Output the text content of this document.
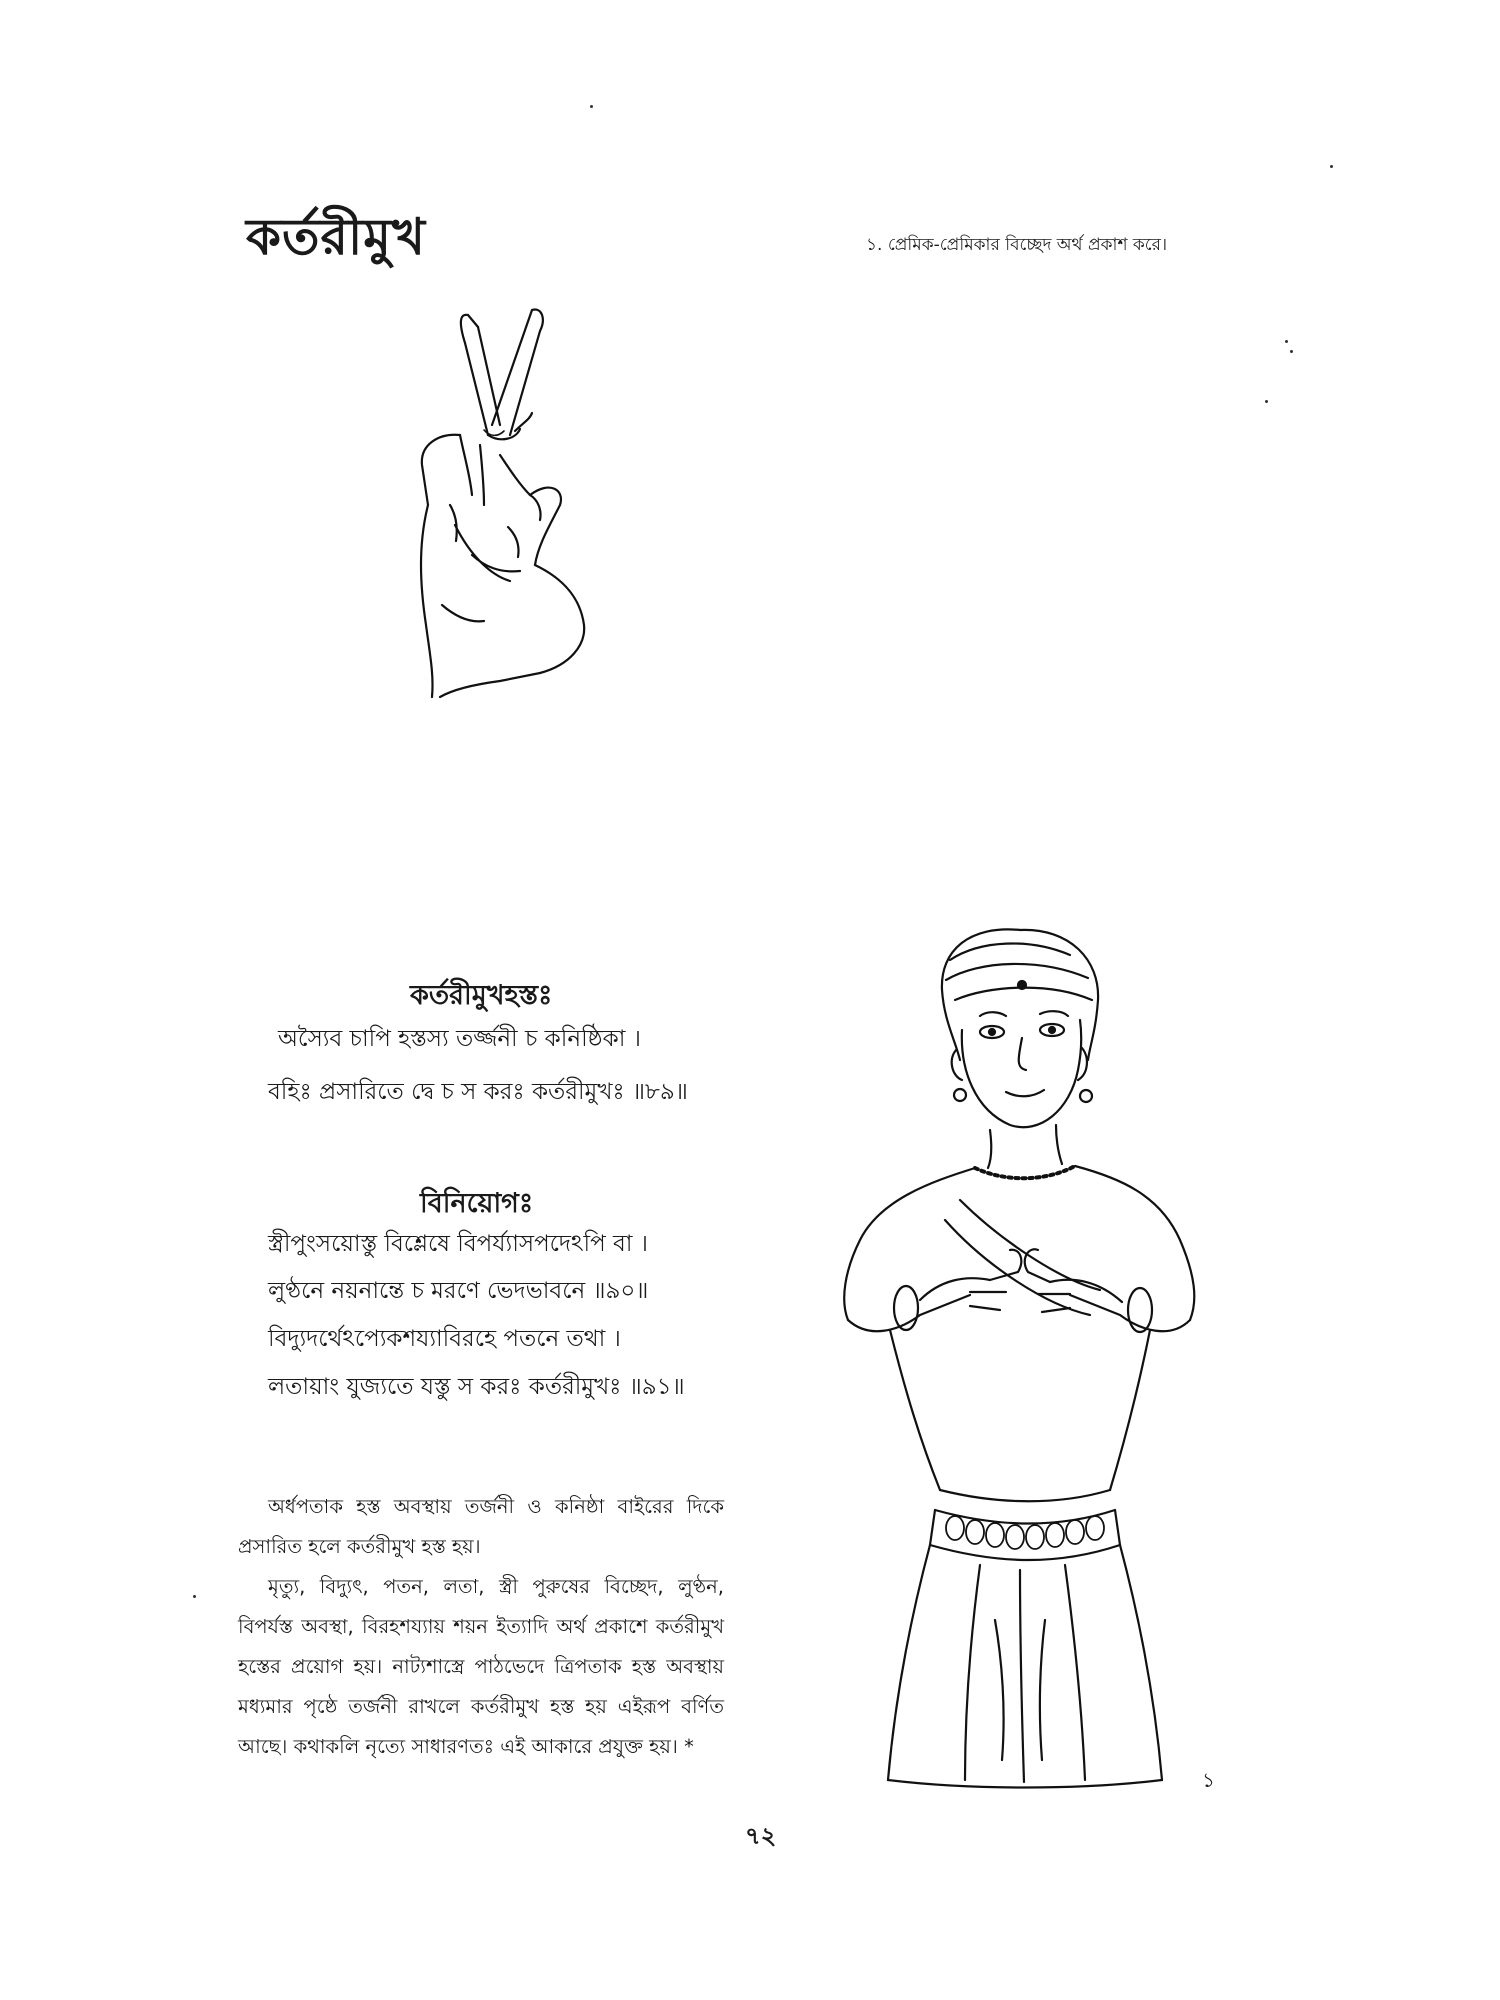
কর্তরীমুখ	১. প্রেমিক-প্রেমিকার বিচ্ছেদ অর্থ প্রকাশ করে।
কর্তরীমুখহস্তঃ
অস্যৈব চাপি হস্তস্য তর্জ্জনী চ কনিষ্ঠিকা ।
বহিঃ প্রসারিতে দ্বে চ স করঃ কর্তরীমুখঃ ॥৮৯॥
বিনিয়োগঃ
স্ত্রীপুংসয়োস্তু বিশ্লেষে বিপর্য্যাসপদেঽপি বা ।
লুণ্ঠনে নয়নান্তে চ মরণে ভেদভাবনে ॥৯০॥
বিদ্যুদর্থেঽপ্যেকশয্যাবিরহে পতনে তথা ।
লতায়াং যুজ্যতে যস্তু স করঃ কর্তরীমুখঃ ॥৯১॥

অর্ধপতাক হস্ত অবস্থায় তর্জনী ও কনিষ্ঠা বাইরের দিকে প্রসারিত হলে কর্তরীমুখ হস্ত হয়।

মৃত্যু, বিদ্যুৎ, পতন, লতা, স্ত্রী পুরুষের বিচ্ছেদ, লুণ্ঠন, বিপর্যস্ত অবস্থা, বিরহশয্যায় শয়ন ইত্যাদি অর্থ প্রকাশে কর্তরীমুখ হস্তের প্রয়োগ হয়। নাট্যশাস্ত্রে পাঠভেদে ত্রিপতাক হস্ত অবস্থায় মধ্যমার পৃষ্ঠে তর্জনী রাখলে কর্তরীমুখ হস্ত হয় এইরূপ বর্ণিত আছে। কথাকলি নৃত্যে সাধারণতঃ এই আকারে প্রযুক্ত হয়। *

১
৭২
